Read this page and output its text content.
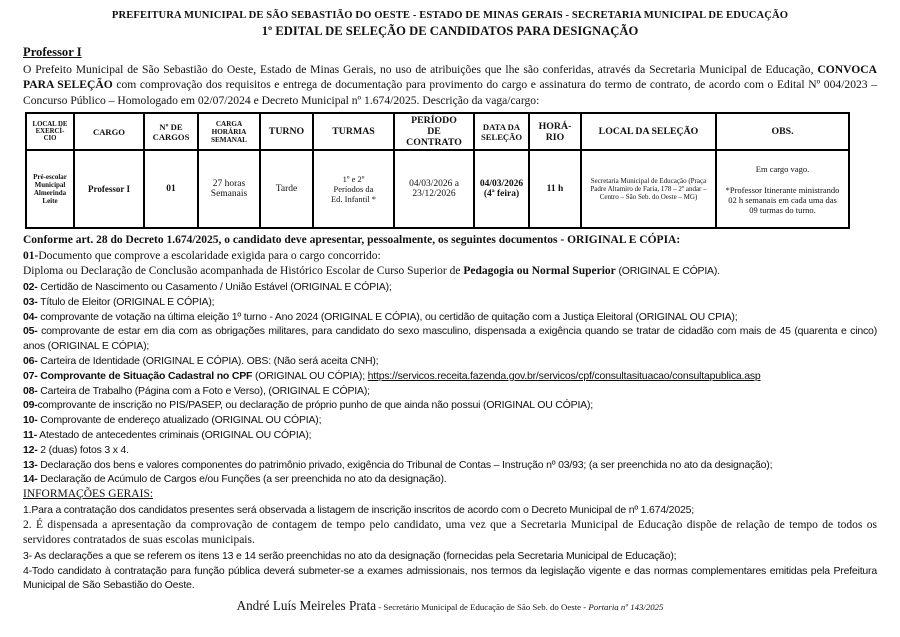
PREFEITURA MUNICIPAL DE SÃO SEBASTIÃO DO OESTE - ESTADO DE MINAS GERAIS - SECRETARIA MUNICIPAL DE EDUCAÇÃO
1º EDITAL DE SELEÇÃO DE CANDIDATOS PARA DESIGNAÇÃO
Professor I

O Prefeito Municipal de São Sebastião do Oeste, Estado de Minas Gerais, no uso de atribuições que lhe são conferidas, através da Secretaria Municipal de Educação, CONVOCA PARA SELEÇÃO com comprovação dos requisitos e entrega de documentação para provimento do cargo e assinatura do termo de contrato, de acordo com o Edital Nº 004/2023 – Concurso Público – Homologado em 02/07/2024 e Decreto Municipal nº 1.674/2025. Descrição da vaga/cargo:

LOCAL DE EXERCÍ-CIO	CARGO	Nº DE CARGOS	CARGA HORÁRIA SEMANAL	TURNO	TURMAS	PERÍODO DE CONTRATO	DATA DA SELEÇÃO	HORÁ-RIO	LOCAL DA SELEÇÃO	OBS.
Pré-escolar Municipal Almerinda Leite	Professor I	01	27 horas Semanais	Tarde	1º e 2º Períodos da Ed. Infantil *	04/03/2026 a 23/12/2026	04/03/2026 (4ª feira)	11 h	Secretaria Municipal de Educação (Praça Padre Altamiro de Faria, 178 – 2º andar – Centro – São Seb. do Oeste – MG)	Em cargo vago.
*Professor Itinerante ministrando 02 h semanais em cada uma das 09 turmas do turno.
Conforme art. 28 do Decreto 1.674/2025, o candidato deve apresentar, pessoalmente, os seguintes documentos - ORIGINAL E CÓPIA:
01-Documento que comprove a escolaridade exigida para o cargo concorrido:
Diploma ou Declaração de Conclusão acompanhada de Histórico Escolar de Curso Superior de Pedagogia ou Normal Superior (ORIGINAL E CÓPIA).
02- Certidão de Nascimento ou Casamento / União Estável (ORIGINAL E CÓPIA);
03- Título de Eleitor (ORIGINAL E CÓPIA);
04- comprovante de votação na última eleição 1º turno - Ano 2024 (ORIGINAL E CÓPIA), ou certidão de quitação com a Justiça Eleitoral (ORIGINAL OU CPIA);
05- comprovante de estar em dia com as obrigações militares, para candidato do sexo masculino, dispensada a exigência quando se tratar de cidadão com mais de 45 (quarenta e cinco) anos (ORIGINAL E CÓPIA);
06- Carteira de Identidade (ORIGINAL E CÓPIA). OBS: (Não será aceita CNH);
07- Comprovante de Situação Cadastral no CPF (ORIGINAL OU CÓPIA); https://servicos.receita.fazenda.gov.br/servicos/cpf/consultasituacao/consultapublica.asp
08- Carteira de Trabalho (Página com a Foto e Verso), (ORIGINAL E CÓPIA);
09-comprovante de inscrição no PIS/PASEP, ou declaração de próprio punho de que ainda não possui (ORIGINAL OU CÓPIA);
10- Comprovante de endereço atualizado (ORIGINAL OU CÓPIA);
11- Atestado de antecedentes criminais (ORIGINAL OU CÓPIA);
12- 2 (duas) fotos 3 x 4.
13- Declaração dos bens e valores componentes do patrimônio privado, exigência do Tribunal de Contas – Instrução nº 03/93; (a ser preenchida no ato da designação);
14- Declaração de Acúmulo de Cargos e/ou Funções (a ser preenchida no ato da designação).
INFORMAÇÕES GERAIS:
1.Para a contratação dos candidatos presentes será observada a listagem de inscrição inscritos de acordo com o Decreto Municipal de nº 1.674/2025;
2. É dispensada a apresentação da comprovação de contagem de tempo pelo candidato, uma vez que a Secretaria Municipal de Educação dispõe de relação de tempo de todos os servidores contratados de suas escolas municipais.
3- As declarações a que se referem os itens 13 e 14 serão preenchidas no ato da designação (fornecidas pela Secretaria Municipal de Educação);
4-Todo candidato à contratação para função pública deverá submeter-se a exames admissionais, nos termos da legislação vigente e das normas complementares emitidas pela Prefeitura Municipal de São Sebastião do Oeste.
André Luís Meireles Prata - Secretário Municipal de Educação de São Seb. do Oeste - Portaria nº 143/2025
